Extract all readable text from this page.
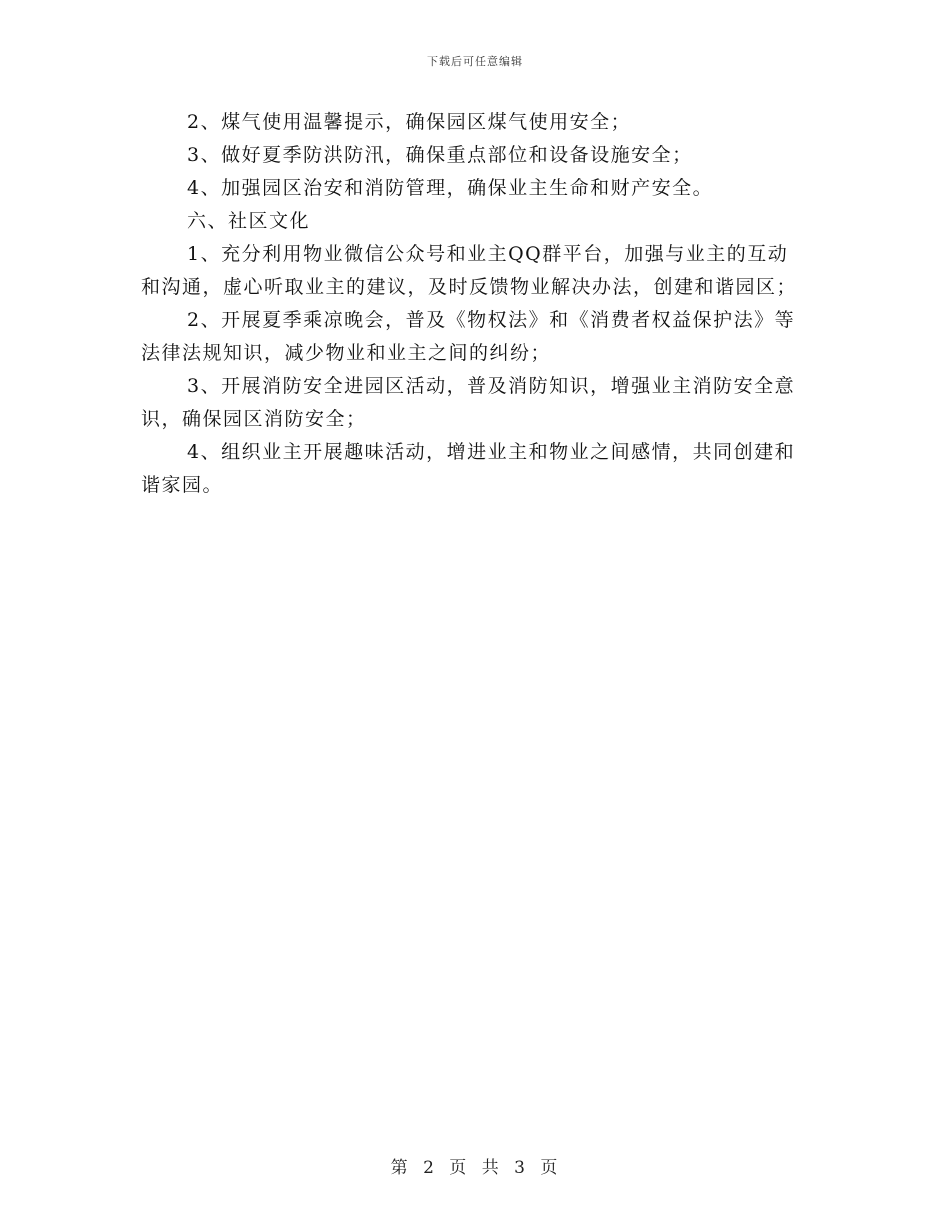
下载后可任意编辑

2、煤气使用温馨提示，确保园区煤气使用安全；

3、做好夏季防洪防汛，确保重点部位和设备设施安全；

4、加强园区治安和消防管理，确保业主生命和财产安全。

六、社区文化

1、充分利用物业微信公众号和业主QQ群平台，加强与业主的互动和沟通，虚心听取业主的建议，及时反馈物业解决办法，创建和谐园区；

2、开展夏季乘凉晚会，普及《物权法》和《消费者权益保护法》等法律法规知识，减少物业和业主之间的纠纷；

3、开展消防安全进园区活动，普及消防知识，增强业主消防安全意识，确保园区消防安全；

4、组织业主开展趣味活动，增进业主和物业之间感情，共同创建和谐家园。

第 2 页 共 3 页
